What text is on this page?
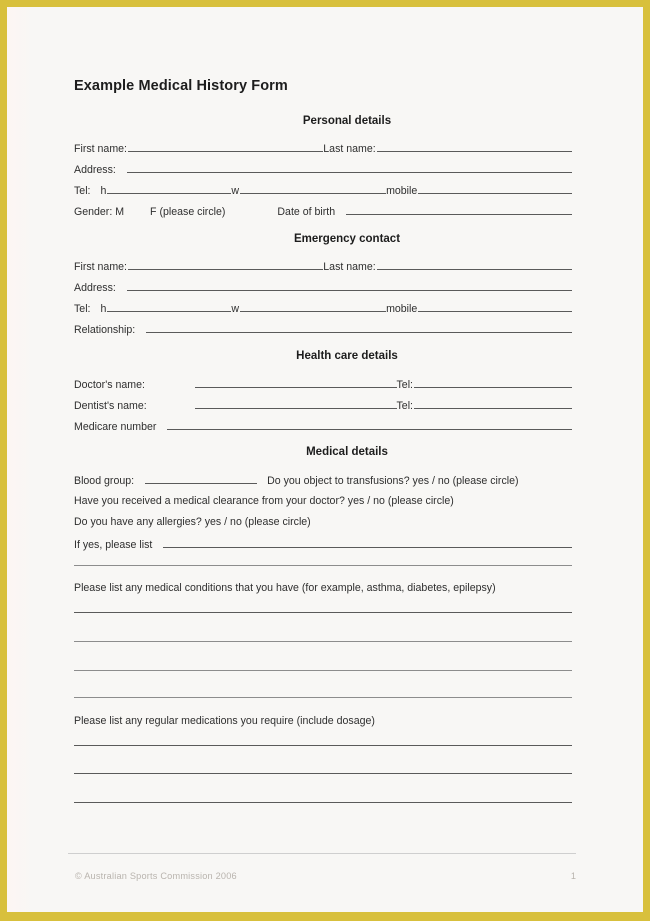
Example Medical History Form
Personal details
First name:	Last name:
Address:
Tel: h	w	mobile
Gender: M F (please circle)	Date of birth
Emergency contact
First name:	Last name:
Address:
Tel: h	w	mobile
Relationship:
Health care details
Doctor's name:	Tel:
Dentist's name:	Tel:
Medicare number
Medical details
Blood group:	Do you object to transfusions? yes / no (please circle)
Have you received a medical clearance from your doctor? yes / no (please circle)
Do you have any allergies? yes / no (please circle)
If yes, please list
Please list any medical conditions that you have (for example, asthma, diabetes, epilepsy)
Please list any regular medications you require (include dosage)
© Australian Sports Commission 2006	1
